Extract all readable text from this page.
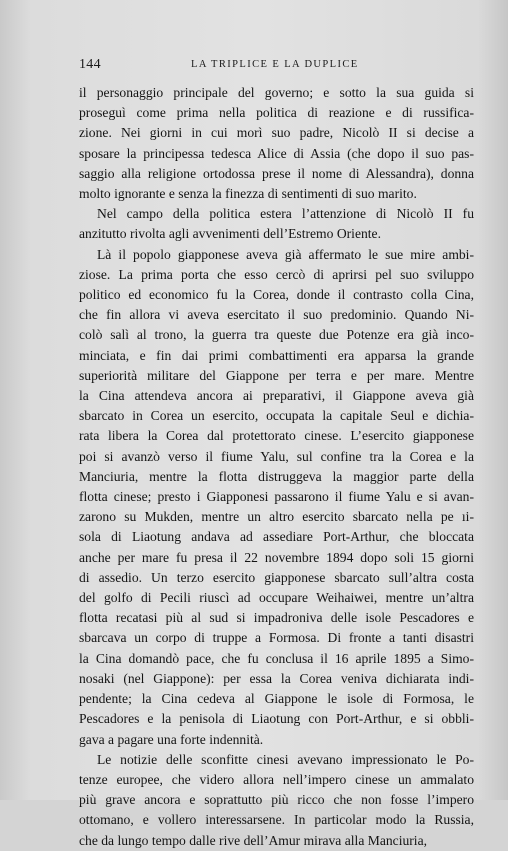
144	LA TRIPLICE E LA DUPLICE
il personaggio principale del governo; e sotto la sua guida si
proseguì come prima nella politica di reazione e di russifica-
zione. Nei giorni in cui morì suo padre, Nicolò II si decise a
sposare la principessa tedesca Alice di Assia (che dopo il suo pas-
saggio alla religione ortodossa prese il nome di Alessandra), donna
molto ignorante e senza la finezza di sentimenti di suo marito.
Nel campo della politica estera l’attenzione di Nicolò II fu
anzitutto rivolta agli avvenimenti dell’Estremo Oriente.
Là il popolo giapponese aveva già affermato le sue mire ambi-
ziose. La prima porta che esso cercò di aprirsi pel suo sviluppo
politico ed economico fu la Corea, donde il contrasto colla Cina,
che fin allora vi aveva esercitato il suo predominio. Quando Ni-
colò salì al trono, la guerra tra queste due Potenze era già inco-
minciata, e fin dai primi combattimenti era apparsa la grande
superiorità militare del Giappone per terra e per mare. Mentre
la Cina attendeva ancora ai preparativi, il Giappone aveva già
sbarcato in Corea un esercito, occupata la capitale Seul e dichia-
rata libera la Corea dal protettorato cinese. L’esercito giapponese
poi si avanzò verso il fiume Yalu, sul confine tra la Corea e la
Manciuria, mentre la flotta distruggeva la maggior parte della
flotta cinese; presto i Giapponesi passarono il fiume Yalu e si avan-
zarono su Mukden, mentre un altro esercito sbarcato nella pe ıi-
sola di Liaotung andava ad assediare Port-Arthur, che bloccata
anche per mare fu presa il 22 novembre 1894 dopo soli 15 giorni
di assedio. Un terzo esercito giapponese sbarcato sull’altra costa
del golfo di Pecili riuscì ad occupare Weihaiwei, mentre un’altra
flotta recatasi più al sud si impadroniva delle isole Pescadores e
sbarcava un corpo di truppe a Formosa. Di fronte a tanti disastri
la Cina domandò pace, che fu conclusa il 16 aprile 1895 a Simo-
nosaki (nel Giappone): per essa la Corea veniva dichiarata indi-
pendente; la Cina cedeva al Giappone le isole di Formosa, le
Pescadores e la penisola di Liaotung con Port-Arthur, e si obbli-
gava a pagare una forte indennità.
Le notizie delle sconfitte cinesi avevano impressionato le Po-
tenze europee, che videro allora nell’impero cinese un ammalato
più grave ancora e soprattutto più ricco che non fosse l’impero
ottomano, e vollero interessarsene. In particolar modo la Russia,
che da lungo tempo dalle rive dell’Amur mirava alla Manciuria,
